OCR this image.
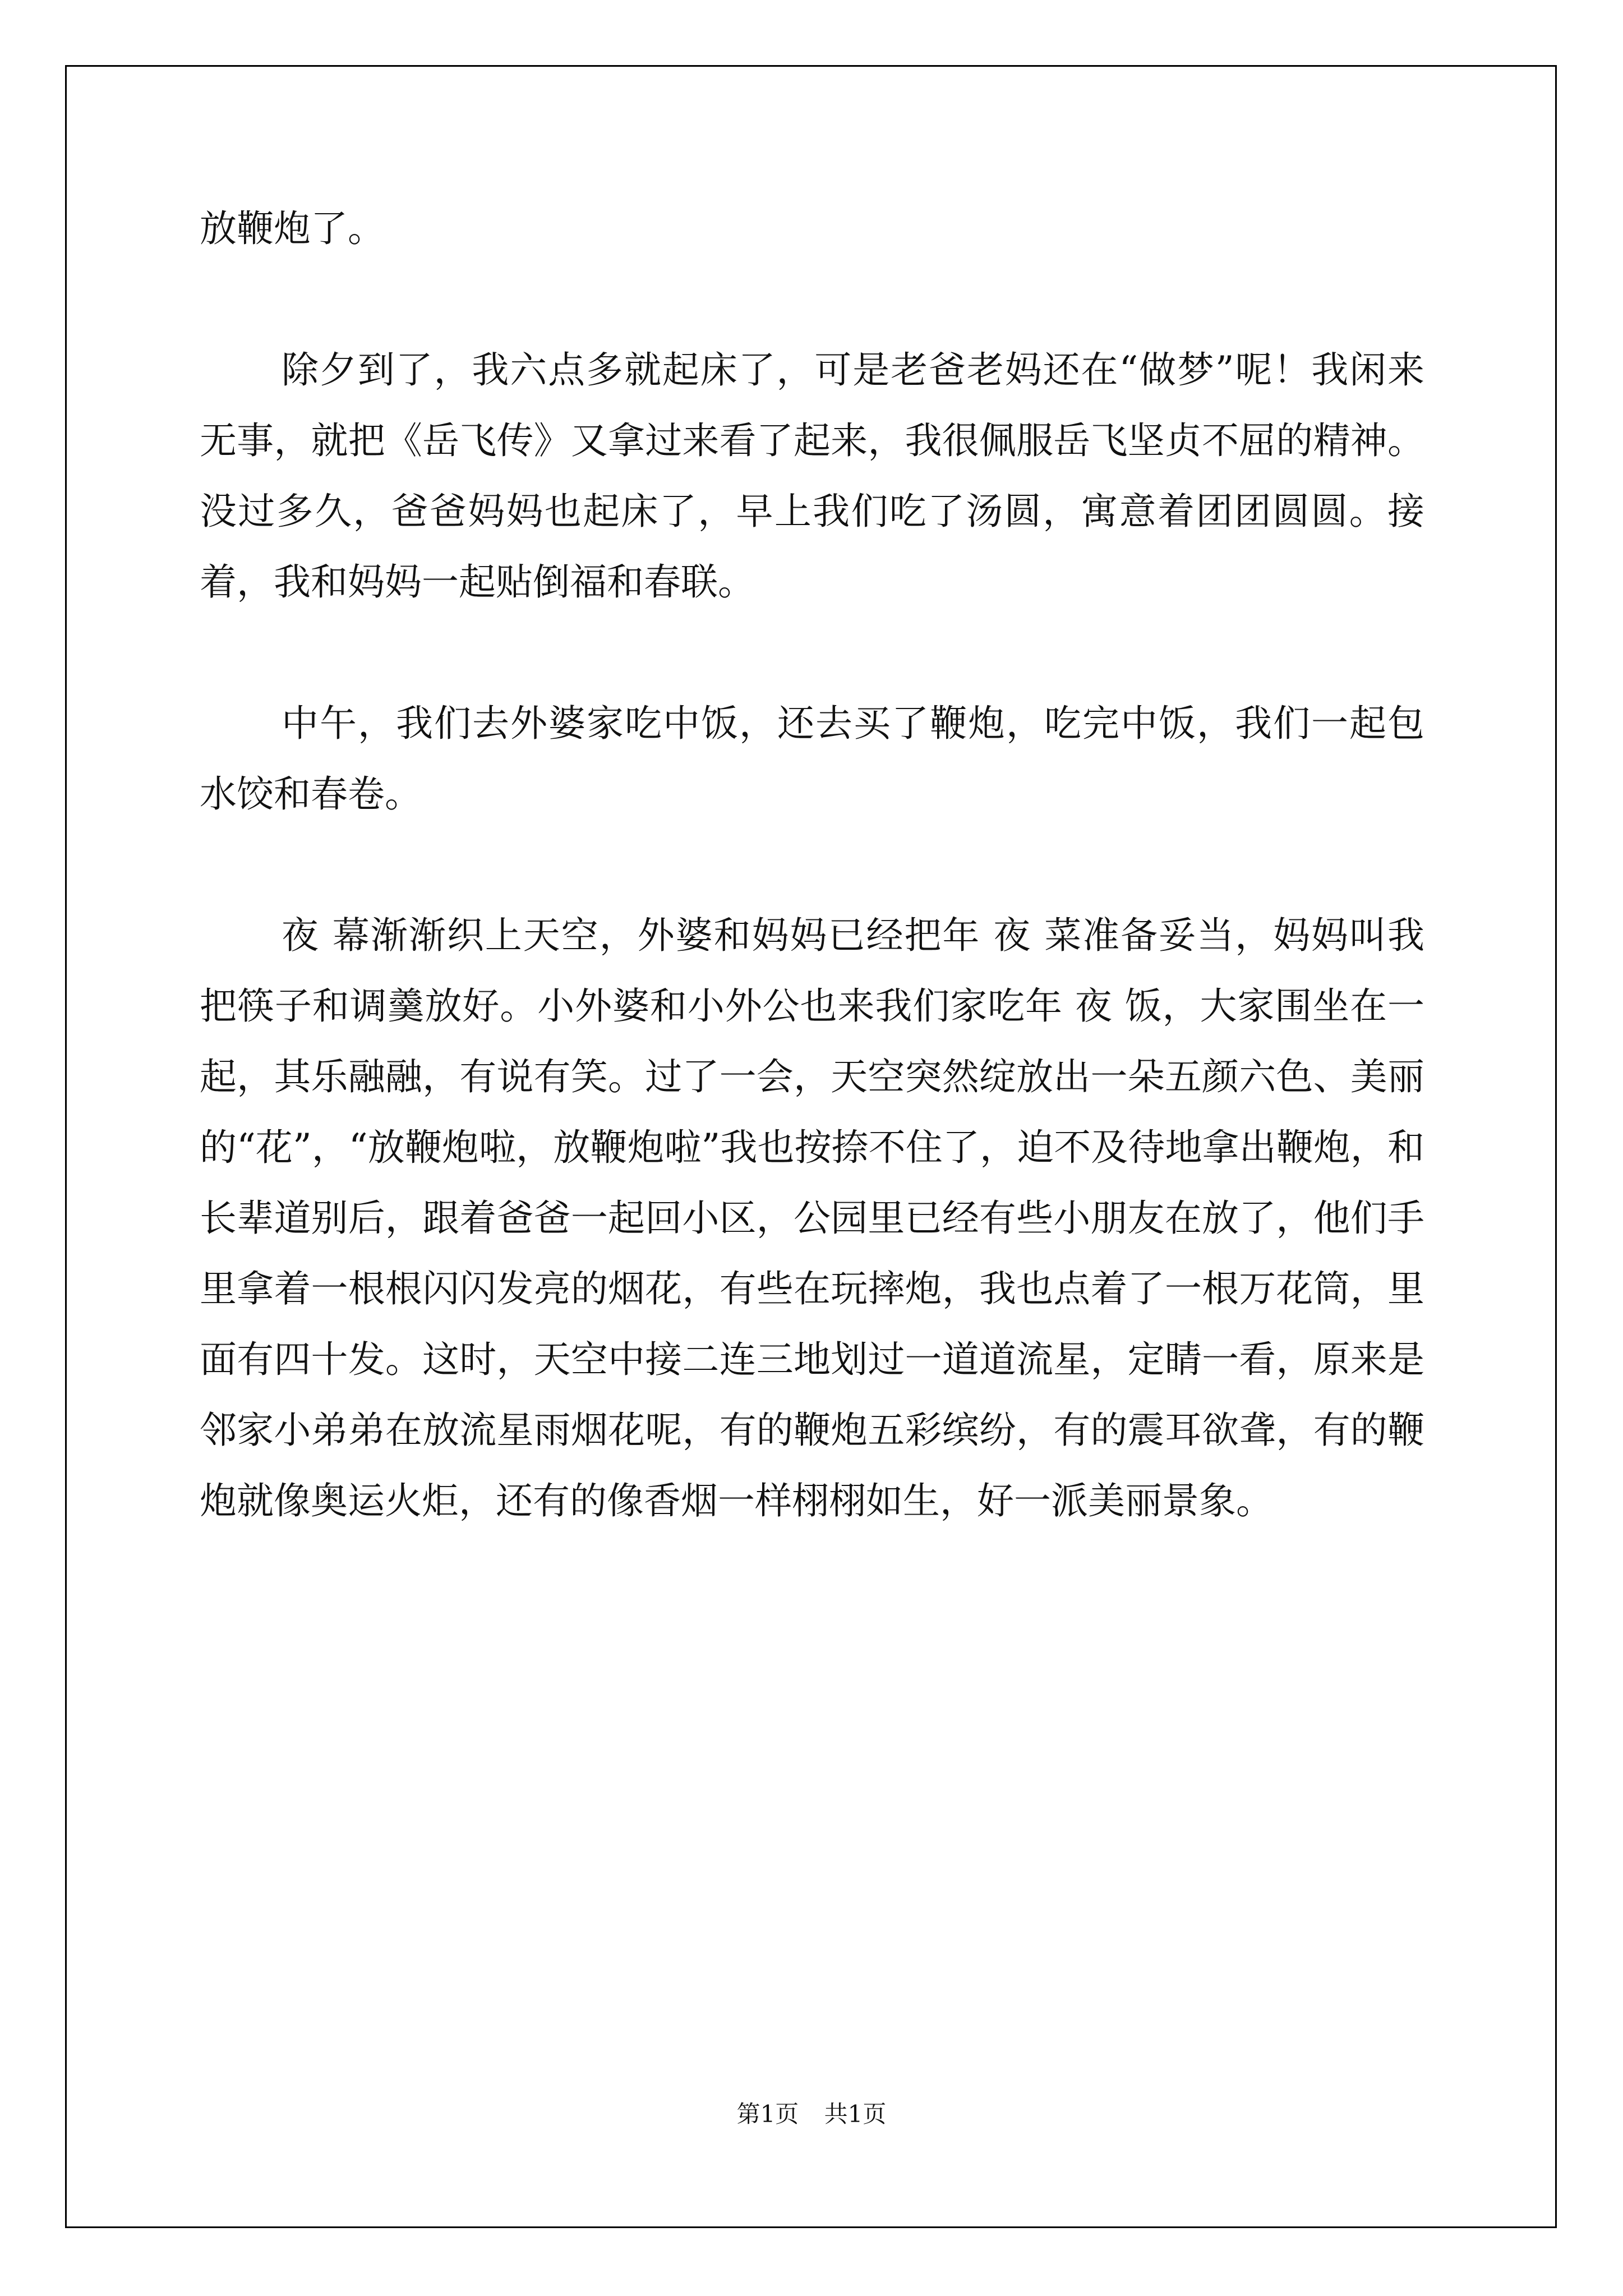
放鞭炮了。

除夕到了，我六点多就起床了，可是老爸老妈还在“做梦”呢！我闲来无事，就把《岳飞传》又拿过来看了起来，我很佩服岳飞坚贞不屈的精神。没过多久，爸爸妈妈也起床了，早上我们吃了汤圆，寓意着团团圆圆。接着，我和妈妈一起贴倒福和春联。

中午，我们去外婆家吃中饭，还去买了鞭炮，吃完中饭，我们一起包水饺和春卷。

夜 幕渐渐织上天空，外婆和妈妈已经把年 夜 菜准备妥当，妈妈叫我把筷子和调羹放好。小外婆和小外公也来我们家吃年 夜 饭，大家围坐在一起，其乐融融，有说有笑。过了一会，天空突然绽放出一朵五颜六色、美丽的“花”，“放鞭炮啦，放鞭炮啦”我也按捺不住了，迫不及待地拿出鞭炮，和长辈道别后，跟着爸爸一起回小区，公园里已经有些小朋友在放了，他们手里拿着一根根闪闪发亮的烟花，有些在玩摔炮，我也点着了一根万花筒，里面有四十发。这时，天空中接二连三地划过一道道流星，定睛一看，原来是邻家小弟弟在放流星雨烟花呢，有的鞭炮五彩缤纷，有的震耳欲聋，有的鞭炮就像奥运火炬，还有的像香烟一样栩栩如生，好一派美丽景象。

第1页 共1页
